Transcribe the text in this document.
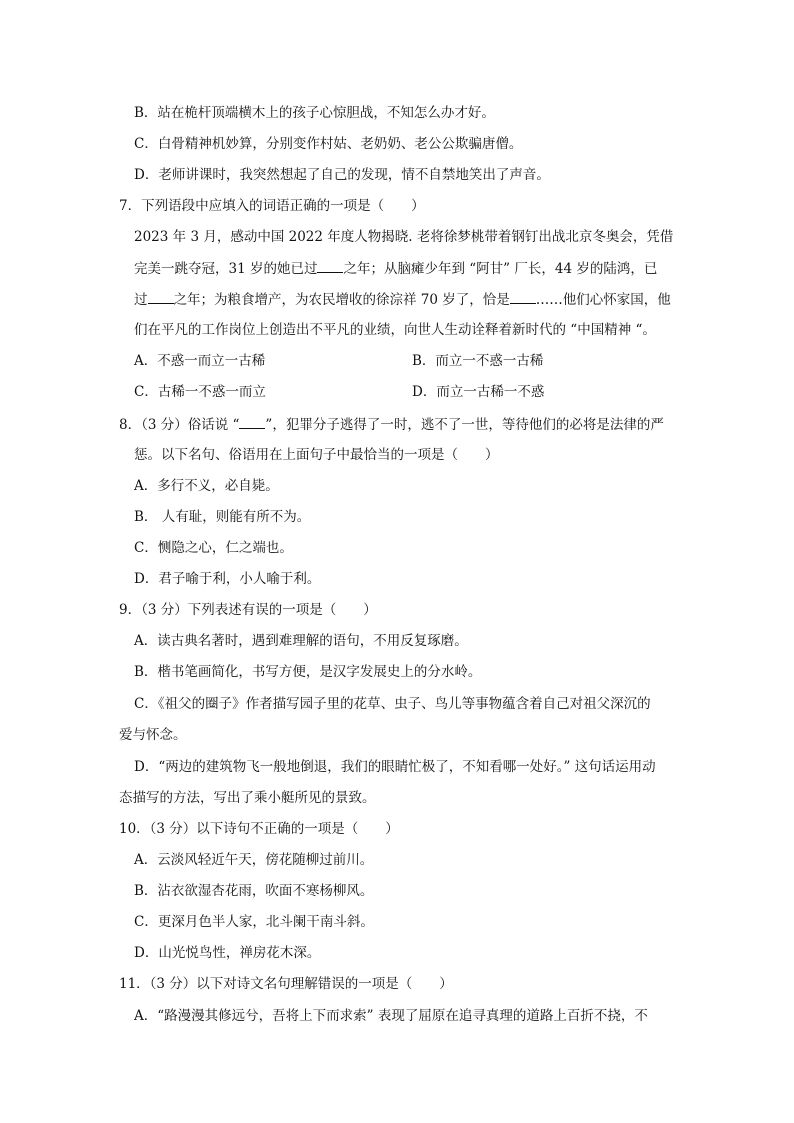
B．站在桅杆顶端横木上的孩子心惊胆战，不知怎么办才好。
C．白骨精神机妙算，分别变作村姑、老奶奶、老公公欺骗唐僧。
D．老师讲课时，我突然想起了自己的发现，情不自禁地笑出了声音。
7．下列语段中应填入的词语正确的一项是（　　）
2023 年 3 月，感动中国 2022 年度人物揭晓. 老将徐梦桃带着钢钉出战北京冬奥会，凭借
完美一跳夺冠，31 岁的她已过 之年；从脑瘫少年到 “阿甘” 厂长，44 岁的陆鸿，已
过 之年；为粮食增产，为农民增收的徐淙祥 70 岁了，恰是 ……他们心怀家国，他
们在平凡的工作岗位上创造出不平凡的业绩，向世人生动诠释着新时代的 “中国精神 “。
A．不惑一而立一古稀	B．而立一不惑一古稀
C．古稀一不惑一而立	D．而立一古稀一不惑
8．（3 分）俗话说 “ ”，犯罪分子逃得了一时，逃不了一世，等待他们的必将是法律的严
惩。以下名句、俗语用在上面句子中最恰当的一项是（　　）
A．多行不义，必自毙。
B． 人有耻，则能有所不为。
C．恻隐之心，仁之端也。
D．君子喻于利，小人喻于利。
9．（3 分）下列表述有误的一项是（　　）
A．读古典名著时，遇到难理解的语句，不用反复琢磨。
B．楷书笔画简化，书写方便，是汉字发展史上的分水岭。
C．《祖父的圈子》作者描写园子里的花草、虫子、鸟儿等事物蕴含着自己对祖父深沉的
爱与怀念。
D．“两边的建筑物飞一般地倒退，我们的眼睛忙极了，不知看哪一处好。” 这句话运用动
态描写的方法，写出了乘小艇所见的景致。
10．（3 分）以下诗句不正确的一项是（　　）
A．云淡风轻近午天，傍花随柳过前川。
B．沾衣欲湿杏花雨，吹面不寒杨柳风。
C．更深月色半人家，北斗阑干南斗斜。
D．山光悦鸟性，禅房花木深。
11．（3 分）以下对诗文名句理解错误的一项是（　　）
A．“路漫漫其修远兮，吾将上下而求索” 表现了屈原在追寻真理的道路上百折不挠，不
